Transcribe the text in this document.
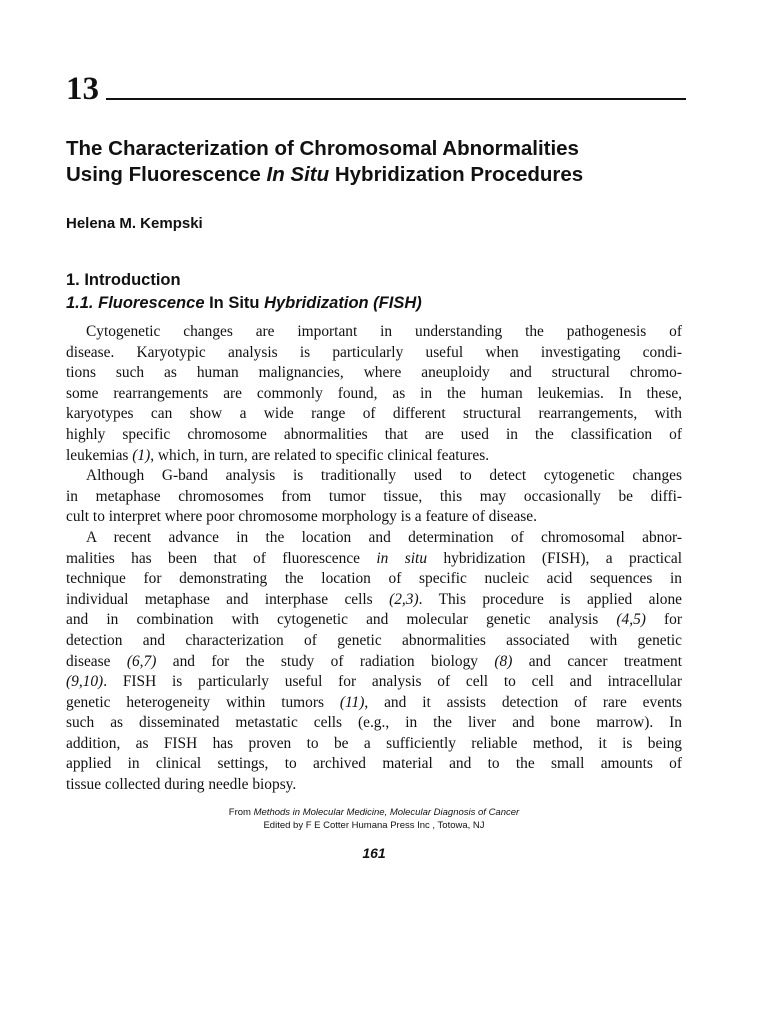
13
The Characterization of Chromosomal Abnormalities
Using Fluorescence In Situ Hybridization Procedures
Helena M. Kempski
1. Introduction
1.1. Fluorescence In Situ Hybridization (FISH)
Cytogenetic changes are important in understanding the pathogenesis of
disease. Karyotypic analysis is particularly useful when investigating condi-
tions such as human malignancies, where aneuploidy and structural chromo-
some rearrangements are commonly found, as in the human leukemias. In these,
karyotypes can show a wide range of different structural rearrangements, with
highly specific chromosome abnormalities that are used in the classification of
leukemias (1), which, in turn, are related to specific clinical features.
Although G-band analysis is traditionally used to detect cytogenetic changes
in metaphase chromosomes from tumor tissue, this may occasionally be diffi-
cult to interpret where poor chromosome morphology is a feature of disease.
A recent advance in the location and determination of chromosomal abnor-
malities has been that of fluorescence in situ hybridization (FISH), a practical
technique for demonstrating the location of specific nucleic acid sequences in
individual metaphase and interphase cells (2,3). This procedure is applied alone
and in combination with cytogenetic and molecular genetic analysis (4,5) for
detection and characterization of genetic abnormalities associated with genetic
disease (6,7) and for the study of radiation biology (8) and cancer treatment
(9,10). FISH is particularly useful for analysis of cell to cell and intracellular
genetic heterogeneity within tumors (11), and it assists detection of rare events
such as disseminated metastatic cells (e.g., in the liver and bone marrow). In
addition, as FISH has proven to be a sufficiently reliable method, it is being
applied in clinical settings, to archived material and to the small amounts of
tissue collected during needle biopsy.
From Methods in Molecular Medicine, Molecular Diagnosis of Cancer
Edited by F E Cotter Humana Press Inc , Totowa, NJ
161
